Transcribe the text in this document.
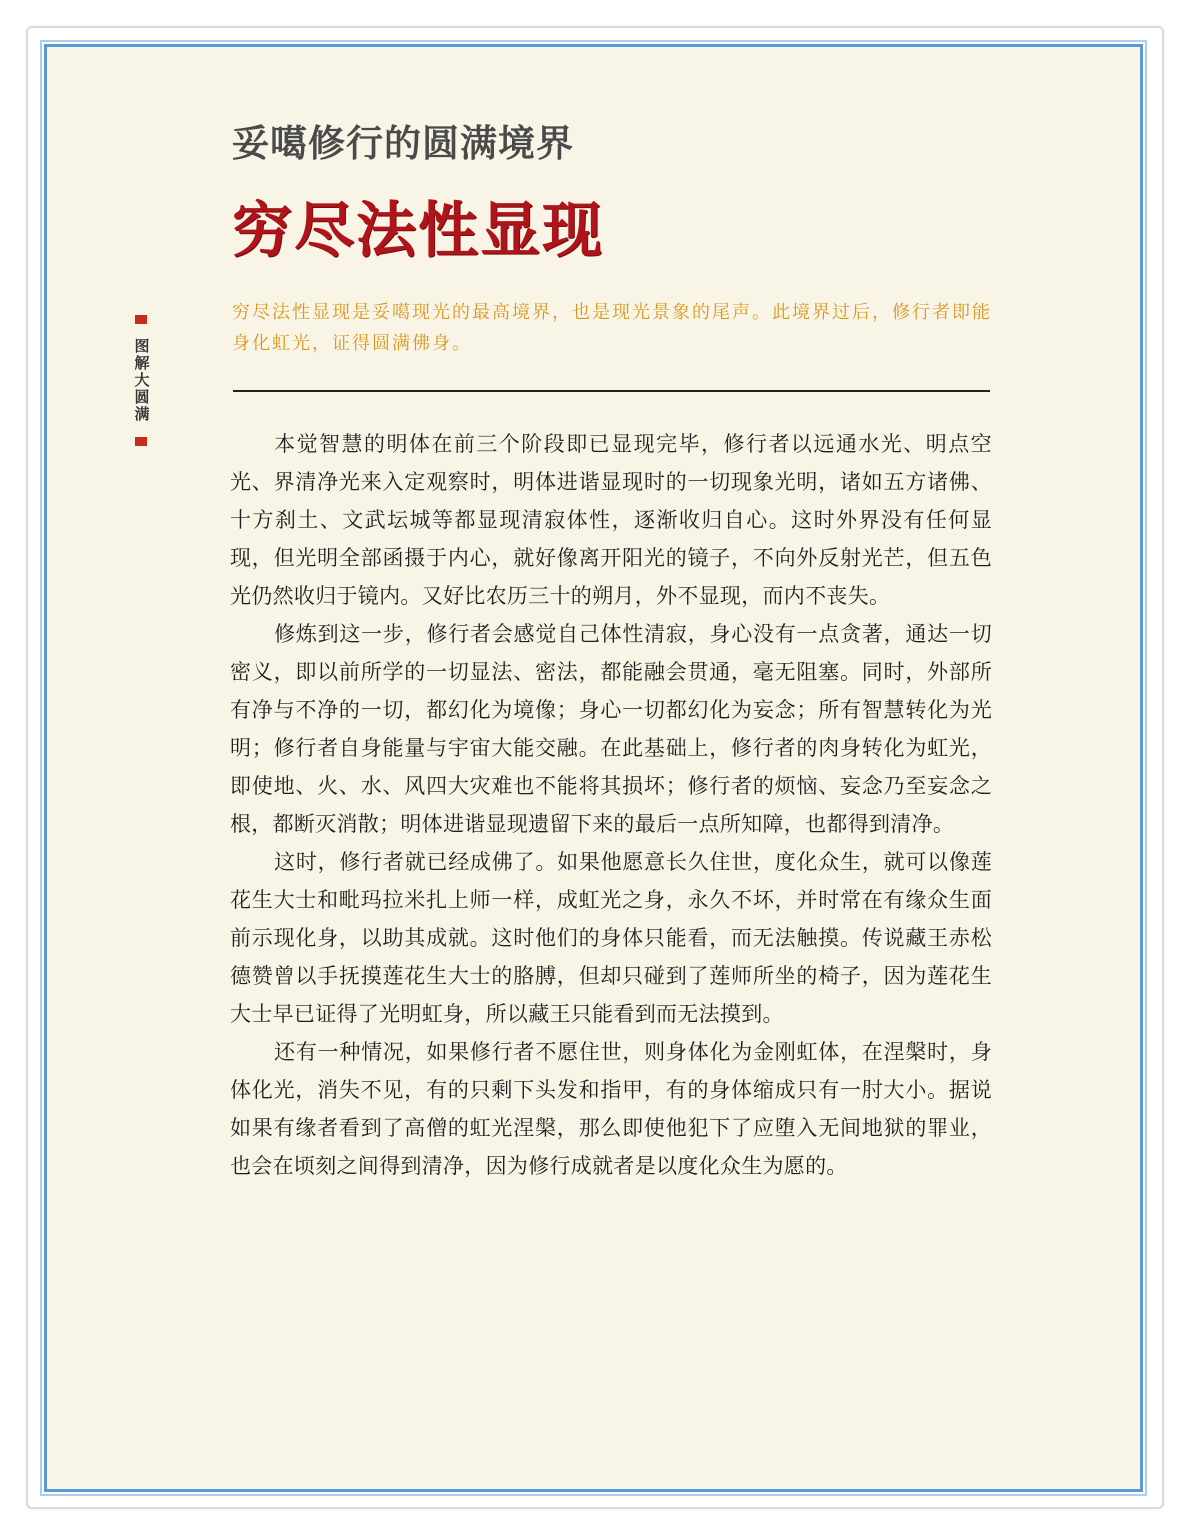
妥噶修行的圆满境界
穷尽法性显现
图解大圆满

穷尽法性显现是妥噶现光的最高境界，也是现光景象的尾声。此境界过后，修行者即能身化虹光，证得圆满佛身。

本觉智慧的明体在前三个阶段即已显现完毕，修行者以远通水光、明点空光、界清净光来入定观察时，明体进谐显现时的一切现象光明，诸如五方诸佛、十方刹土、文武坛城等都显现清寂体性，逐渐收归自心。这时外界没有任何显现，但光明全部函摄于内心，就好像离开阳光的镜子，不向外反射光芒，但五色光仍然收归于镜内。又好比农历三十的朔月，外不显现，而内不丧失。

修炼到这一步，修行者会感觉自己体性清寂，身心没有一点贪著，通达一切密义，即以前所学的一切显法、密法，都能融会贯通，毫无阻塞。同时，外部所有净与不净的一切，都幻化为境像；身心一切都幻化为妄念；所有智慧转化为光明；修行者自身能量与宇宙大能交融。在此基础上，修行者的肉身转化为虹光，即使地、火、水、风四大灾难也不能将其损坏；修行者的烦恼、妄念乃至妄念之根，都断灭消散；明体进谐显现遗留下来的最后一点所知障，也都得到清净。

这时，修行者就已经成佛了。如果他愿意长久住世，度化众生，就可以像莲花生大士和毗玛拉米扎上师一样，成虹光之身，永久不坏，并时常在有缘众生面前示现化身，以助其成就。这时他们的身体只能看，而无法触摸。传说藏王赤松德赞曾以手抚摸莲花生大士的胳膊，但却只碰到了莲师所坐的椅子，因为莲花生大士早已证得了光明虹身，所以藏王只能看到而无法摸到。

还有一种情况，如果修行者不愿住世，则身体化为金刚虹体，在涅槃时，身体化光，消失不见，有的只剩下头发和指甲，有的身体缩成只有一肘大小。据说如果有缘者看到了高僧的虹光涅槃，那么即使他犯下了应堕入无间地狱的罪业，也会在顷刻之间得到清净，因为修行成就者是以度化众生为愿的。
